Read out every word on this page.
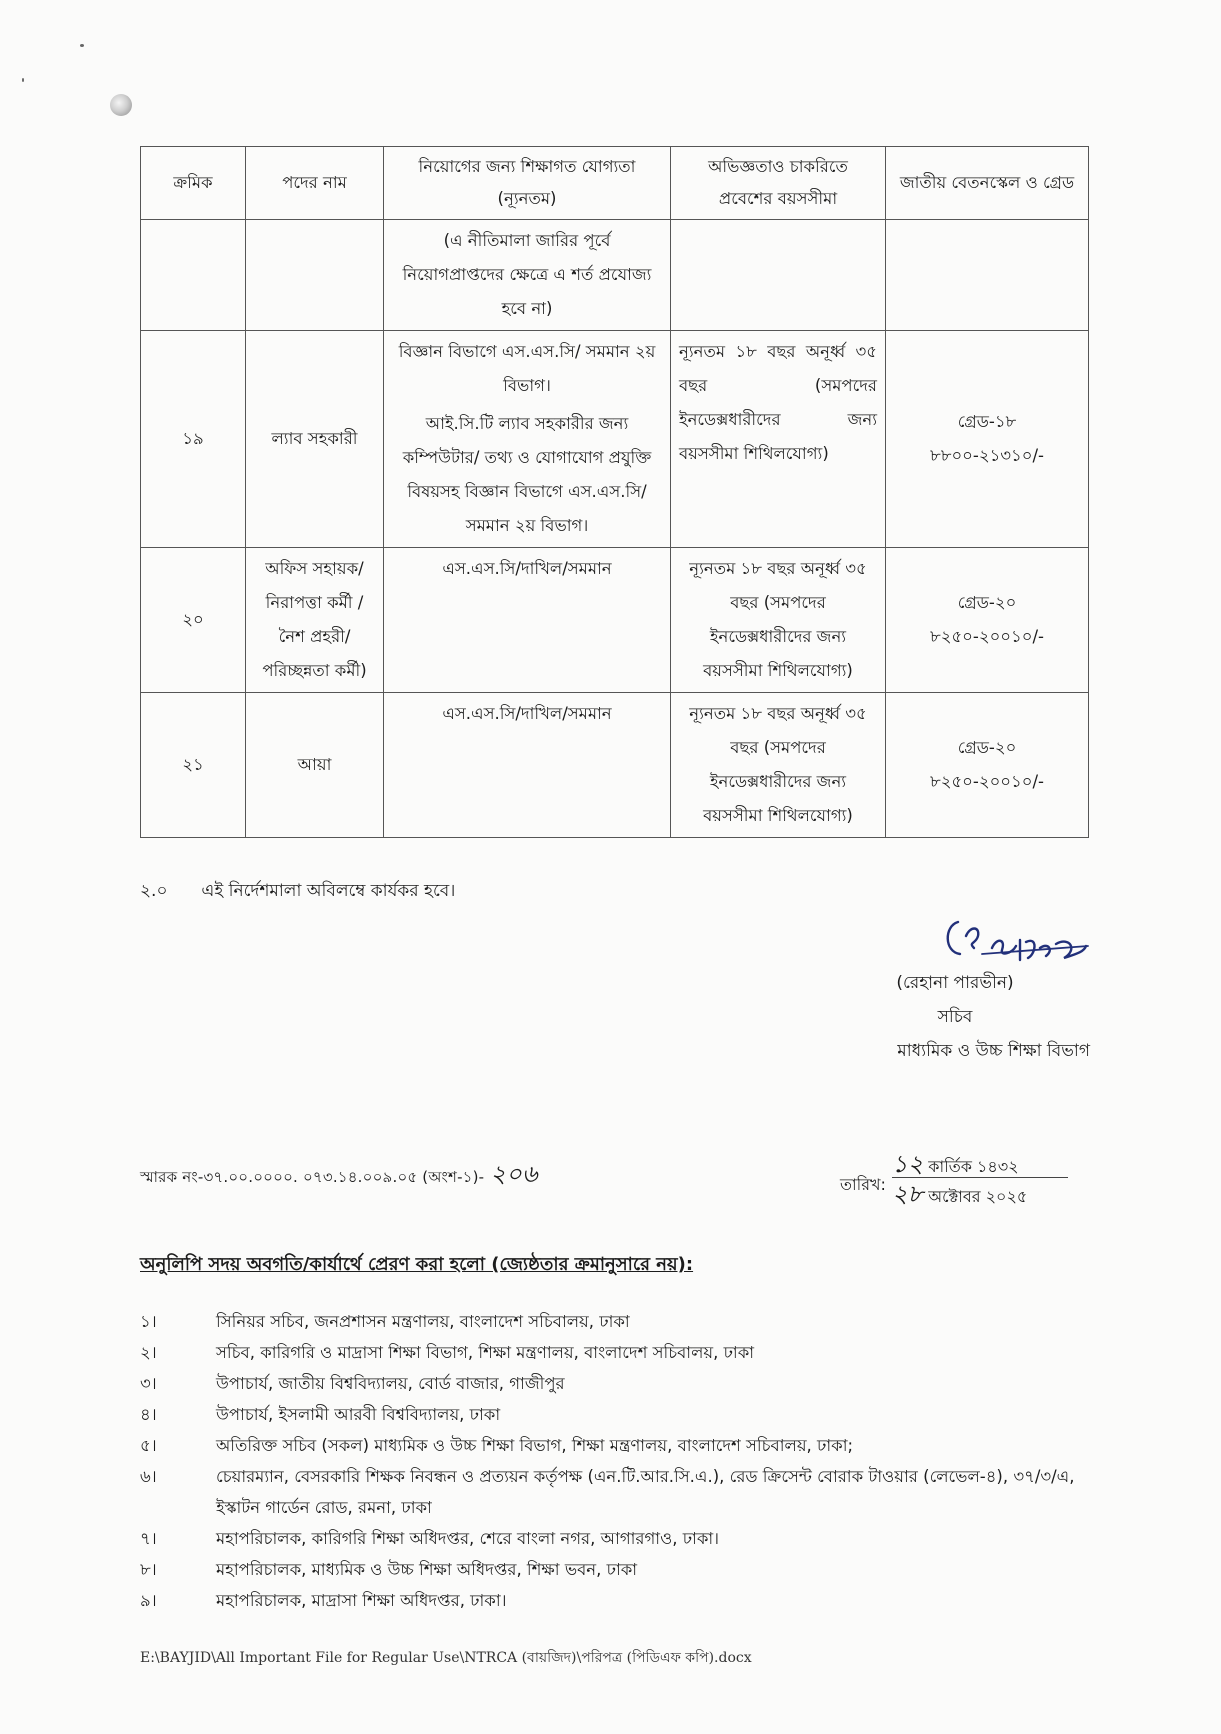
ক্রমিক	পদের নাম	নিয়োগের জন্য শিক্ষাগত যোগ্যতা (ন্যূনতম)	অভিজ্ঞতাও চাকরিতে প্রবেশের বয়সসীমা	জাতীয় বেতনস্কেল ও গ্রেড
		(এ নীতিমালা জারির পূর্বে নিয়োগপ্রাপ্তদের ক্ষেত্রে এ শর্ত প্রযোজ্য হবে না)		
১৯	ল্যাব সহকারী	বিজ্ঞান বিভাগে এস.এস.সি/ সমমান ২য় বিভাগ।
আই.সি.টি ল্যাব সহকারীর জন্য কম্পিউটার/ তথ্য ও যোগাযোগ প্রযুক্তি বিষয়সহ বিজ্ঞান বিভাগে এস.এস.সি/সমমান ২য় বিভাগ।	ন্যূনতম ১৮ বছর অনূর্ধ্ব ৩৫ বছর (সমপদের ইনডেক্সধারীদের জন্য বয়সসীমা শিথিলযোগ্য)	গ্রেড-১৮
৮৮০০-২১৩১০/-

২০	অফিস সহায়ক/ নিরাপত্তা কর্মী /নৈশ প্রহরী/পরিচ্ছন্নতা কর্মী)	এস.এস.সি/দাখিল/সমমান	ন্যূনতম ১৮ বছর অনূর্ধ্ব ৩৫ বছর (সমপদের ইনডেক্সধারীদের জন্য বয়সসীমা শিথিলযোগ্য)	গ্রেড-২০
৮২৫০-২০০১০/-

২১	আয়া	এস.এস.সি/দাখিল/সমমান	ন্যূনতম ১৮ বছর অনূর্ধ্ব ৩৫ বছর (সমপদের ইনডেক্সধারীদের জন্য বয়সসীমা শিথিলযোগ্য)	গ্রেড-২০
৮২৫০-২০০১০/-
২.০ এই নির্দেশমালা অবিলম্বে কার্যকর হবে।
(রেহানা পারভীন)
সচিব
মাধ্যমিক ও উচ্চ শিক্ষা বিভাগ
স্মারক নং-৩৭.০০.০০০০. ০৭৩.১৪.০০৯.০৫ (অংশ-১)- ২০৬	তারিখ:
১২ কার্তিক ১৪৩২
২৮ অক্টোবর ২০২৫
অনুলিপি সদয় অবগতি/কার্যার্থে প্রেরণ করা হলো (জ্যেষ্ঠতার ক্রমানুসারে নয়):
১।	সিনিয়র সচিব, জনপ্রশাসন মন্ত্রণালয়, বাংলাদেশ সচিবালয়, ঢাকা
২।	সচিব, কারিগরি ও মাদ্রাসা শিক্ষা বিভাগ, শিক্ষা মন্ত্রণালয়, বাংলাদেশ সচিবালয়, ঢাকা
৩।	উপাচার্য, জাতীয় বিশ্ববিদ্যালয়, বোর্ড বাজার, গাজীপুর
৪।	উপাচার্য, ইসলামী আরবী বিশ্ববিদ্যালয়, ঢাকা
৫।	অতিরিক্ত সচিব (সকল) মাধ্যমিক ও উচ্চ শিক্ষা বিভাগ, শিক্ষা মন্ত্রণালয়, বাংলাদেশ সচিবালয়, ঢাকা;
৬।	চেয়ারম্যান, বেসরকারি শিক্ষক নিবন্ধন ও প্রত্যয়ন কর্তৃপক্ষ (এন.টি.আর.সি.এ.), রেড ক্রিসেন্ট বোরাক টাওয়ার (লেভেল-৪), ৩৭/৩/এ, ইস্কাটন গার্ডেন রোড, রমনা, ঢাকা
৭।	মহাপরিচালক, কারিগরি শিক্ষা অধিদপ্তর, শেরে বাংলা নগর, আগারগাও, ঢাকা।
৮।	মহাপরিচালক, মাধ্যমিক ও উচ্চ শিক্ষা অধিদপ্তর, শিক্ষা ভবন, ঢাকা
৯।	মহাপরিচালক, মাদ্রাসা শিক্ষা অধিদপ্তর, ঢাকা।
E:\BAYJID\All Important File for Regular Use\NTRCA (বায়জিদ)\পরিপত্র (পিডিএফ কপি).docx
